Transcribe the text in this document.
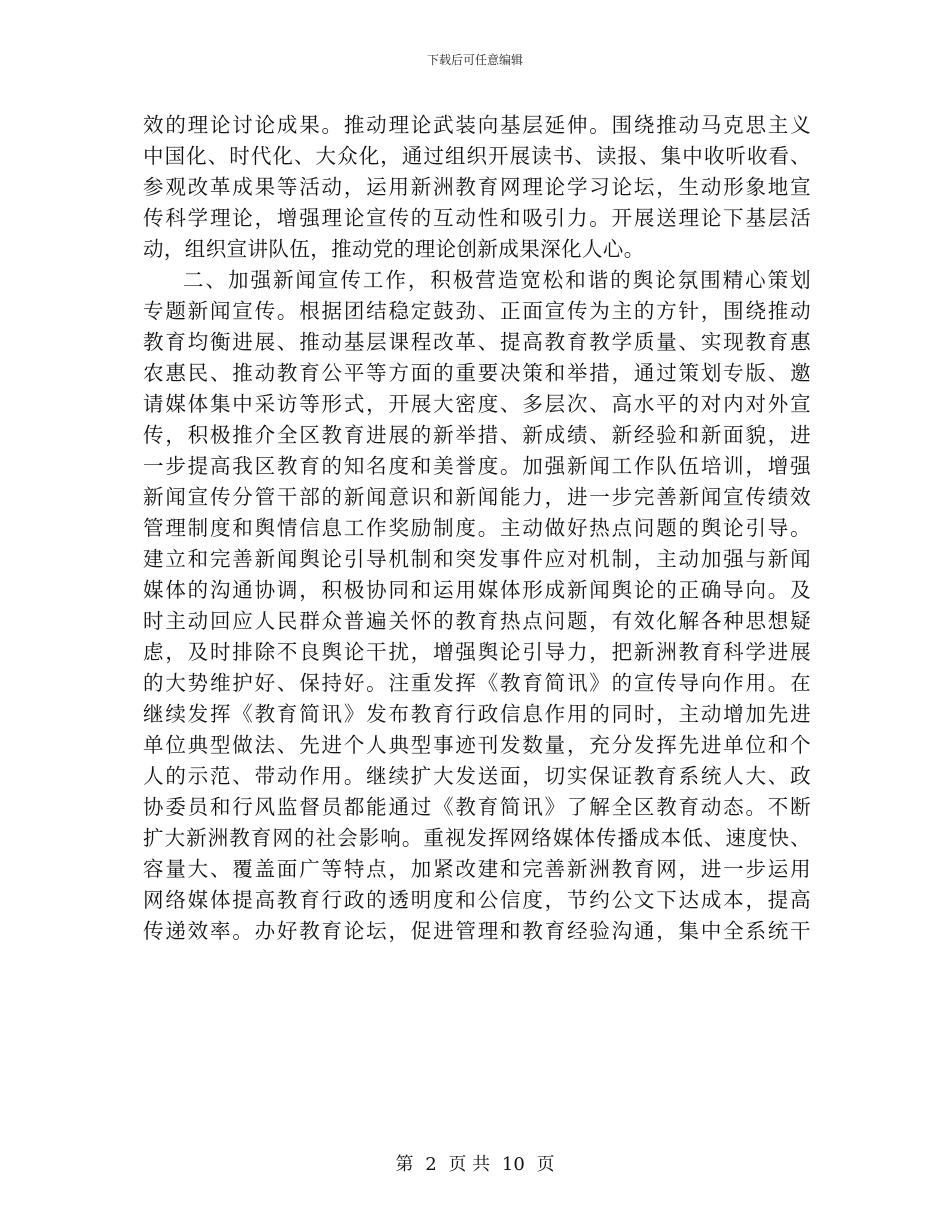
下载后可任意编辑
效的理论讨论成果。推动理论武装向基层延伸。围绕推动马克思主义
中国化、时代化、大众化，通过组织开展读书、读报、集中收听收看、
参观改革成果等活动，运用新洲教育网理论学习论坛，生动形象地宣
传科学理论，增强理论宣传的互动性和吸引力。开展送理论下基层活
动，组织宣讲队伍，推动党的理论创新成果深化人心。
二、加强新闻宣传工作，积极营造宽松和谐的舆论氛围精心策划
专题新闻宣传。根据团结稳定鼓劲、正面宣传为主的方针，围绕推动
教育均衡进展、推动基层课程改革、提高教育教学质量、实现教育惠
农惠民、推动教育公平等方面的重要决策和举措，通过策划专版、邀
请媒体集中采访等形式，开展大密度、多层次、高水平的对内对外宣
传，积极推介全区教育进展的新举措、新成绩、新经验和新面貌，进
一步提高我区教育的知名度和美誉度。加强新闻工作队伍培训，增强
新闻宣传分管干部的新闻意识和新闻能力，进一步完善新闻宣传绩效
管理制度和舆情信息工作奖励制度。主动做好热点问题的舆论引导。
建立和完善新闻舆论引导机制和突发事件应对机制，主动加强与新闻
媒体的沟通协调，积极协同和运用媒体形成新闻舆论的正确导向。及
时主动回应人民群众普遍关怀的教育热点问题，有效化解各种思想疑
虑，及时排除不良舆论干扰，增强舆论引导力，把新洲教育科学进展
的大势维护好、保持好。注重发挥《教育简讯》的宣传导向作用。在
继续发挥《教育简讯》发布教育行政信息作用的同时，主动增加先进
单位典型做法、先进个人典型事迹刊发数量，充分发挥先进单位和个
人的示范、带动作用。继续扩大发送面，切实保证教育系统人大、政
协委员和行风监督员都能通过《教育简讯》了解全区教育动态。不断
扩大新洲教育网的社会影响。重视发挥网络媒体传播成本低、速度快、
容量大、覆盖面广等特点，加紧改建和完善新洲教育网，进一步运用
网络媒体提高教育行政的透明度和公信度，节约公文下达成本，提高
传递效率。办好教育论坛，促进管理和教育经验沟通，集中全系统干
第 2 页 共 10 页
